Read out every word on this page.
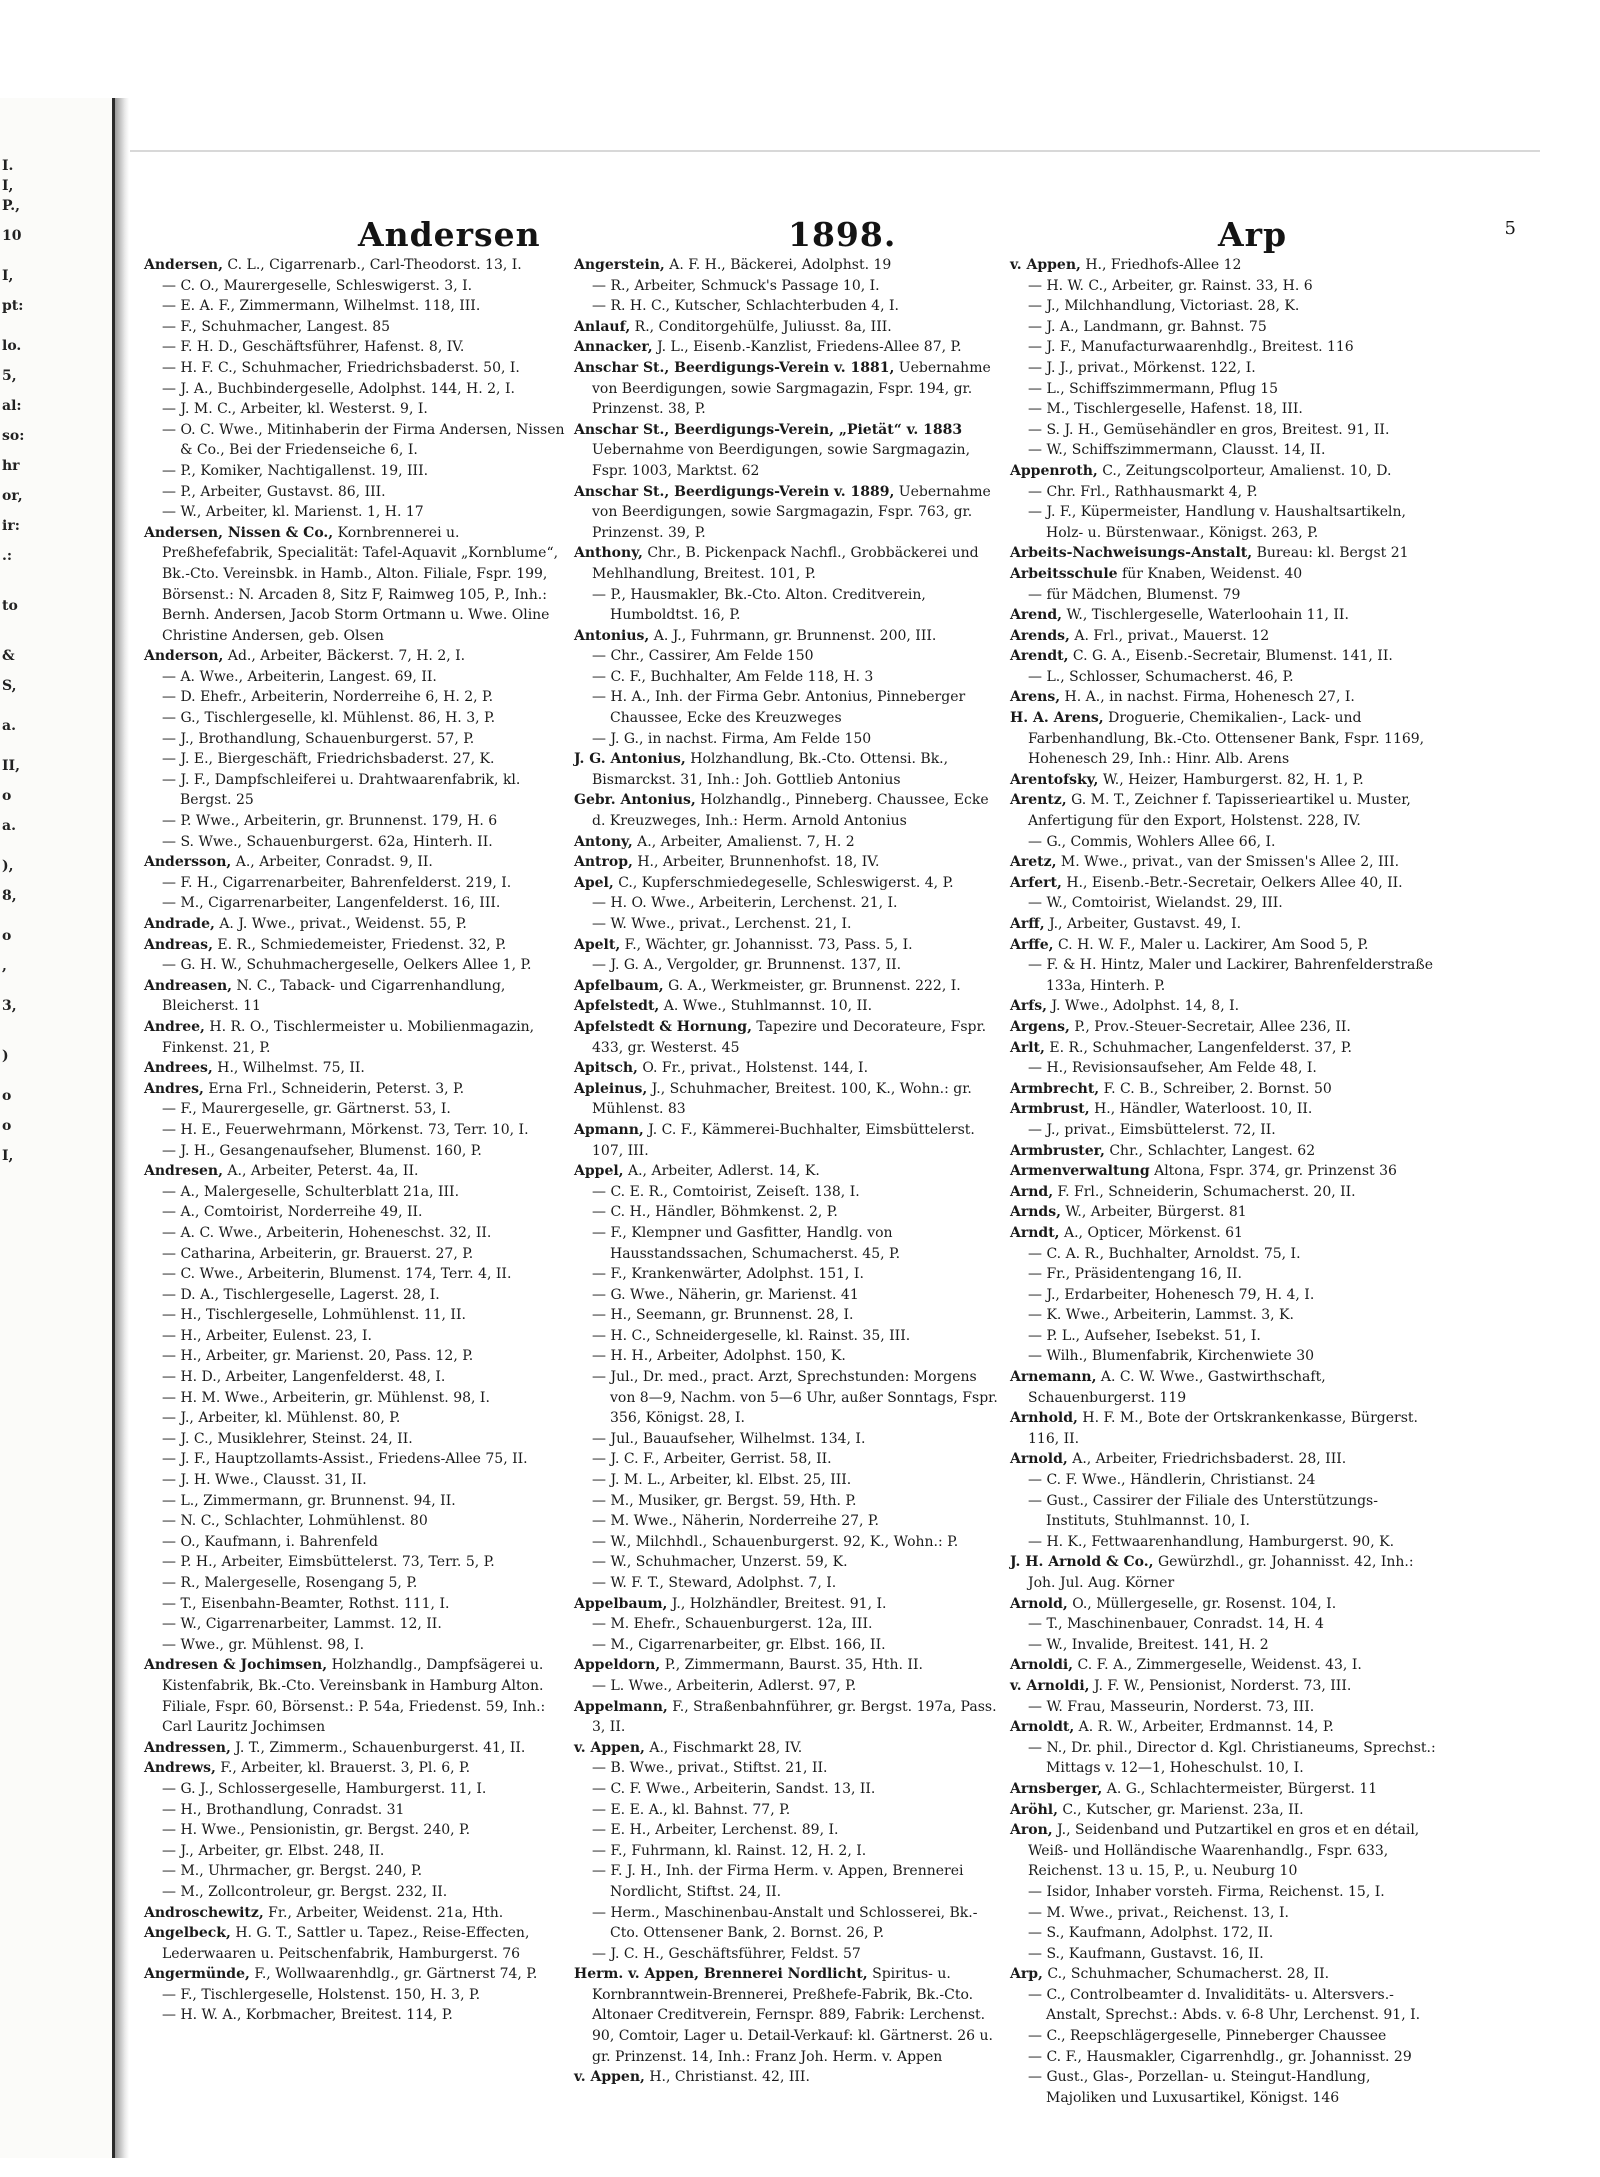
I.
I,
P.,
10
I,
pt:
lo.
5,
al:
so:
hr
or,
ir:
.:
to
&
S,
a.
II,
o
a.
),
8,
o
,
3,
)
o
o
I,
Andersen	1898.	Arp	5

Andersen, C. L., Cigarrenarb., Carl-Theodorst. 13, I.

— C. O., Maurergeselle, Schleswigerst. 3, I.

— E. A. F., Zimmermann, Wilhelmst. 118, III.

— F., Schuhmacher, Langest. 85

— F. H. D., Geschäftsführer, Hafenst. 8, IV.

— H. F. C., Schuhmacher, Friedrichsbaderst. 50, I.

— J. A., Buchbindergeselle, Adolphst. 144, H. 2, I.

— J. M. C., Arbeiter, kl. Westerst. 9, I.

— O. C. Wwe., Mitinhaberin der Firma Andersen, Nissen & Co., Bei der Friedenseiche 6, I.

— P., Komiker, Nachtigallenst. 19, III.

— P., Arbeiter, Gustavst. 86, III.

— W., Arbeiter, kl. Marienst. 1, H. 17

Andersen, Nissen & Co., Kornbrennerei u. Preßhefefabrik, Specialität: Tafel-Aquavit „Kornblume“, Bk.-Cto. Vereinsbk. in Hamb., Alton. Filiale, Fspr. 199, Börsenst.: N. Arcaden 8, Sitz F, Raimweg 105, P., Inh.: Bernh. Andersen, Jacob Storm Ortmann u. Wwe. Oline Christine Andersen, geb. Olsen

Anderson, Ad., Arbeiter, Bäckerst. 7, H. 2, I.

— A. Wwe., Arbeiterin, Langest. 69, II.

— D. Ehefr., Arbeiterin, Norderreihe 6, H. 2, P.

— G., Tischlergeselle, kl. Mühlenst. 86, H. 3, P.

— J., Brothandlung, Schauenburgerst. 57, P.

— J. E., Biergeschäft, Friedrichsbaderst. 27, K.

— J. F., Dampfschleiferei u. Drahtwaarenfabrik, kl. Bergst. 25

— P. Wwe., Arbeiterin, gr. Brunnenst. 179, H. 6

— S. Wwe., Schauenburgerst. 62a, Hinterh. II.

Andersson, A., Arbeiter, Conradst. 9, II.

— F. H., Cigarrenarbeiter, Bahrenfelderst. 219, I.

— M., Cigarrenarbeiter, Langenfelderst. 16, III.

Andrade, A. J. Wwe., privat., Weidenst. 55, P.

Andreas, E. R., Schmiedemeister, Friedenst. 32, P.

— G. H. W., Schuhmachergeselle, Oelkers Allee 1, P.

Andreasen, N. C., Taback- und Cigarrenhandlung, Bleicherst. 11

Andree, H. R. O., Tischlermeister u. Mobilienmagazin, Finkenst. 21, P.

Andrees, H., Wilhelmst. 75, II.

Andres, Erna Frl., Schneiderin, Peterst. 3, P.

— F., Maurergeselle, gr. Gärtnerst. 53, I.

— H. E., Feuerwehrmann, Mörkenst. 73, Terr. 10, I.

— J. H., Gesangenaufseher, Blumenst. 160, P.

Andresen, A., Arbeiter, Peterst. 4a, II.

— A., Malergeselle, Schulterblatt 21a, III.

— A., Comtoirist, Norderreihe 49, II.

— A. C. Wwe., Arbeiterin, Hoheneschst. 32, II.

— Catharina, Arbeiterin, gr. Brauerst. 27, P.

— C. Wwe., Arbeiterin, Blumenst. 174, Terr. 4, II.

— D. A., Tischlergeselle, Lagerst. 28, I.

— H., Tischlergeselle, Lohmühlenst. 11, II.

— H., Arbeiter, Eulenst. 23, I.

— H., Arbeiter, gr. Marienst. 20, Pass. 12, P.

— H. D., Arbeiter, Langenfelderst. 48, I.

— H. M. Wwe., Arbeiterin, gr. Mühlenst. 98, I.

— J., Arbeiter, kl. Mühlenst. 80, P.

— J. C., Musiklehrer, Steinst. 24, II.

— J. F., Hauptzollamts-Assist., Friedens-Allee 75, II.

— J. H. Wwe., Clausst. 31, II.

— L., Zimmermann, gr. Brunnenst. 94, II.

— N. C., Schlachter, Lohmühlenst. 80

— O., Kaufmann, i. Bahrenfeld

— P. H., Arbeiter, Eimsbüttelerst. 73, Terr. 5, P.

— R., Malergeselle, Rosengang 5, P.

— T., Eisenbahn-Beamter, Rothst. 111, I.

— W., Cigarrenarbeiter, Lammst. 12, II.

— Wwe., gr. Mühlenst. 98, I.

Andresen & Jochimsen, Holzhandlg., Dampfsägerei u. Kistenfabrik, Bk.-Cto. Vereinsbank in Hamburg Alton. Filiale, Fspr. 60, Börsenst.: P. 54a, Friedenst. 59, Inh.: Carl Lauritz Jochimsen

Andressen, J. T., Zimmerm., Schauenburgerst. 41, II.

Andrews, F., Arbeiter, kl. Brauerst. 3, Pl. 6, P.

— G. J., Schlossergeselle, Hamburgerst. 11, I.

— H., Brothandlung, Conradst. 31

— H. Wwe., Pensionistin, gr. Bergst. 240, P.

— J., Arbeiter, gr. Elbst. 248, II.

— M., Uhrmacher, gr. Bergst. 240, P.

— M., Zollcontroleur, gr. Bergst. 232, II.

Androschewitz, Fr., Arbeiter, Weidenst. 21a, Hth.

Angelbeck, H. G. T., Sattler u. Tapez., Reise-Effecten, Lederwaaren u. Peitschenfabrik, Hamburgerst. 76

Angermünde, F., Wollwaarenhdlg., gr. Gärtnerst 74, P.

— F., Tischlergeselle, Holstenst. 150, H. 3, P.

— H. W. A., Korbmacher, Breitest. 114, P.

Angerstein, A. F. H., Bäckerei, Adolphst. 19

— R., Arbeiter, Schmuck's Passage 10, I.

— R. H. C., Kutscher, Schlachterbuden 4, I.

Anlauf, R., Conditorgehülfe, Juliusst. 8a, III.

Annacker, J. L., Eisenb.-Kanzlist, Friedens-Allee 87, P.

Anschar St., Beerdigungs-Verein v. 1881, Uebernahme von Beerdigungen, sowie Sargmagazin, Fspr. 194, gr. Prinzenst. 38, P.

Anschar St., Beerdigungs-Verein, „Pietät“ v. 1883 Uebernahme von Beerdigungen, sowie Sargmagazin, Fspr. 1003, Marktst. 62

Anschar St., Beerdigungs-Verein v. 1889, Uebernahme von Beerdigungen, sowie Sargmagazin, Fspr. 763, gr. Prinzenst. 39, P.

Anthony, Chr., B. Pickenpack Nachfl., Grobbäckerei und Mehlhandlung, Breitest. 101, P.

— P., Hausmakler, Bk.-Cto. Alton. Creditverein, Humboldtst. 16, P.

Antonius, A. J., Fuhrmann, gr. Brunnenst. 200, III.

— Chr., Cassirer, Am Felde 150

— C. F., Buchhalter, Am Felde 118, H. 3

— H. A., Inh. der Firma Gebr. Antonius, Pinneberger Chaussee, Ecke des Kreuzweges

— J. G., in nachst. Firma, Am Felde 150

J. G. Antonius, Holzhandlung, Bk.-Cto. Ottensi. Bk., Bismarckst. 31, Inh.: Joh. Gottlieb Antonius

Gebr. Antonius, Holzhandlg., Pinneberg. Chaussee, Ecke d. Kreuzweges, Inh.: Herm. Arnold Antonius

Antony, A., Arbeiter, Amalienst. 7, H. 2

Antrop, H., Arbeiter, Brunnenhofst. 18, IV.

Apel, C., Kupferschmiedegeselle, Schleswigerst. 4, P.

— H. O. Wwe., Arbeiterin, Lerchenst. 21, I.

— W. Wwe., privat., Lerchenst. 21, I.

Apelt, F., Wächter, gr. Johannisst. 73, Pass. 5, I.

— J. G. A., Vergolder, gr. Brunnenst. 137, II.

Apfelbaum, G. A., Werkmeister, gr. Brunnenst. 222, I.

Apfelstedt, A. Wwe., Stuhlmannst. 10, II.

Apfelstedt & Hornung, Tapezire und Decorateure, Fspr. 433, gr. Westerst. 45

Apitsch, O. Fr., privat., Holstenst. 144, I.

Apleinus, J., Schuhmacher, Breitest. 100, K., Wohn.: gr. Mühlenst. 83

Apmann, J. C. F., Kämmerei-Buchhalter, Eimsbüttelerst. 107, III.

Appel, A., Arbeiter, Adlerst. 14, K.

— C. E. R., Comtoirist, Zeiseſt. 138, I.

— C. H., Händler, Böhmkenst. 2, P.

— F., Klempner und Gasfitter, Handlg. von Hausstandssachen, Schumacherst. 45, P.

— F., Krankenwärter, Adolphst. 151, I.

— G. Wwe., Näherin, gr. Marienst. 41

— H., Seemann, gr. Brunnenst. 28, I.

— H. C., Schneidergeselle, kl. Rainst. 35, III.

— H. H., Arbeiter, Adolphst. 150, K.

— Jul., Dr. med., pract. Arzt, Sprechstunden: Morgens von 8—9, Nachm. von 5—6 Uhr, außer Sonntags, Fspr. 356, Königst. 28, I.

— Jul., Bauaufseher, Wilhelmst. 134, I.

— J. C. F., Arbeiter, Gerrist. 58, II.

— J. M. L., Arbeiter, kl. Elbst. 25, III.

— M., Musiker, gr. Bergst. 59, Hth. P.

— M. Wwe., Näherin, Norderreihe 27, P.

— W., Milchhdl., Schauenburgerst. 92, K., Wohn.: P.

— W., Schuhmacher, Unzerst. 59, K.

— W. F. T., Steward, Adolphst. 7, I.

Appelbaum, J., Holzhändler, Breitest. 91, I.

— M. Ehefr., Schauenburgerst. 12a, III.

— M., Cigarrenarbeiter, gr. Elbst. 166, II.

Appeldorn, P., Zimmermann, Baurst. 35, Hth. II.

— L. Wwe., Arbeiterin, Adlerst. 97, P.

Appelmann, F., Straßenbahnführer, gr. Bergst. 197a, Pass. 3, II.

v. Appen, A., Fischmarkt 28, IV.

— B. Wwe., privat., Stiftst. 21, II.

— C. F. Wwe., Arbeiterin, Sandst. 13, II.

— E. E. A., kl. Bahnst. 77, P.

— E. H., Arbeiter, Lerchenst. 89, I.

— F., Fuhrmann, kl. Rainst. 12, H. 2, I.

— F. J. H., Inh. der Firma Herm. v. Appen, Brennerei Nordlicht, Stiftst. 24, II.

— Herm., Maschinenbau-Anstalt und Schlosserei, Bk.-Cto. Ottensener Bank, 2. Bornst. 26, P.

— J. C. H., Geschäftsführer, Feldst. 57

Herm. v. Appen, Brennerei Nordlicht, Spiritus- u. Kornbranntwein-Brennerei, Preßhefe-Fabrik, Bk.-Cto. Altonaer Creditverein, Fernspr. 889, Fabrik: Lerchenst. 90, Comtoir, Lager u. Detail-Verkauf: kl. Gärtnerst. 26 u. gr. Prinzenst. 14, Inh.: Franz Joh. Herm. v. Appen

v. Appen, H., Christianst. 42, III.

v. Appen, H., Friedhofs-Allee 12

— H. W. C., Arbeiter, gr. Rainst. 33, H. 6

— J., Milchhandlung, Victoriast. 28, K.

— J. A., Landmann, gr. Bahnst. 75

— J. F., Manufacturwaarenhdlg., Breitest. 116

— J. J., privat., Mörkenst. 122, I.

— L., Schiffszimmermann, Pflug 15

— M., Tischlergeselle, Hafenst. 18, III.

— S. J. H., Gemüsehändler en gros, Breitest. 91, II.

— W., Schiffszimmermann, Clausst. 14, II.

Appenroth, C., Zeitungscolporteur, Amalienst. 10, D.

— Chr. Frl., Rathhausmarkt 4, P.

— J. F., Küpermeister, Handlung v. Haushaltsartikeln, Holz- u. Bürstenwaar., Königst. 263, P.

Arbeits-Nachweisungs-Anstalt, Bureau: kl. Bergst 21

Arbeitsschule für Knaben, Weidenst. 40

— für Mädchen, Blumenst. 79

Arend, W., Tischlergeselle, Waterloohain 11, II.

Arends, A. Frl., privat., Mauerst. 12

Arendt, C. G. A., Eisenb.-Secretair, Blumenst. 141, II.

— L., Schlosser, Schumacherst. 46, P.

Arens, H. A., in nachst. Firma, Hohenesch 27, I.

H. A. Arens, Droguerie, Chemikalien-, Lack- und Farbenhandlung, Bk.-Cto. Ottensener Bank, Fspr. 1169, Hohenesch 29, Inh.: Hinr. Alb. Arens

Arentofsky, W., Heizer, Hamburgerst. 82, H. 1, P.

Arentz, G. M. T., Zeichner f. Tapisserieartikel u. Muster, Anfertigung für den Export, Holstenst. 228, IV.

— G., Commis, Wohlers Allee 66, I.

Aretz, M. Wwe., privat., van der Smissen's Allee 2, III.

Arfert, H., Eisenb.-Betr.-Secretair, Oelkers Allee 40, II.

— W., Comtoirist, Wielandst. 29, III.

Arff, J., Arbeiter, Gustavst. 49, I.

Arffe, C. H. W. F., Maler u. Lackirer, Am Sood 5, P.

— F. & H. Hintz, Maler und Lackirer, Bahrenfelderstraße 133a, Hinterh. P.

Arfs, J. Wwe., Adolphst. 14, 8, I.

Argens, P., Prov.-Steuer-Secretair, Allee 236, II.

Arlt, E. R., Schuhmacher, Langenfelderst. 37, P.

— H., Revisionsaufseher, Am Felde 48, I.

Armbrecht, F. C. B., Schreiber, 2. Bornst. 50

Armbrust, H., Händler, Waterloost. 10, II.

— J., privat., Eimsbüttelerst. 72, II.

Armbruster, Chr., Schlachter, Langest. 62

Armenverwaltung Altona, Fspr. 374, gr. Prinzenst 36

Arnd, F. Frl., Schneiderin, Schumacherst. 20, II.

Arnds, W., Arbeiter, Bürgerst. 81

Arndt, A., Opticer, Mörkenst. 61

— C. A. R., Buchhalter, Arnoldst. 75, I.

— Fr., Präsidentengang 16, II.

— J., Erdarbeiter, Hohenesch 79, H. 4, I.

— K. Wwe., Arbeiterin, Lammst. 3, K.

— P. L., Aufseher, Isebekst. 51, I.

— Wilh., Blumenfabrik, Kirchenwiete 30

Arnemann, A. C. W. Wwe., Gastwirthschaft, Schauenburgerst. 119

Arnhold, H. F. M., Bote der Ortskrankenkasse, Bürgerst. 116, II.

Arnold, A., Arbeiter, Friedrichsbaderst. 28, III.

— C. F. Wwe., Händlerin, Christianst. 24

— Gust., Cassirer der Filiale des Unterstützungs-Instituts, Stuhlmannst. 10, I.

— H. K., Fettwaarenhandlung, Hamburgerst. 90, K.

J. H. Arnold & Co., Gewürzhdl., gr. Johannisst. 42, Inh.: Joh. Jul. Aug. Körner

Arnold, O., Müllergeselle, gr. Rosenst. 104, I.

— T., Maschinenbauer, Conradst. 14, H. 4

— W., Invalide, Breitest. 141, H. 2

Arnoldi, C. F. A., Zimmergeselle, Weidenst. 43, I.

v. Arnoldi, J. F. W., Pensionist, Norderst. 73, III.

— W. Frau, Masseurin, Norderst. 73, III.

Arnoldt, A. R. W., Arbeiter, Erdmannst. 14, P.

— N., Dr. phil., Director d. Kgl. Christianeums, Sprechst.: Mittags v. 12—1, Hoheschulst. 10, I.

Arnsberger, A. G., Schlachtermeister, Bürgerst. 11

Aröhl, C., Kutscher, gr. Marienst. 23a, II.

Aron, J., Seidenband und Putzartikel en gros et en détail, Weiß- und Holländische Waarenhandlg., Fspr. 633, Reichenst. 13 u. 15, P., u. Neuburg 10

— Isidor, Inhaber vorsteh. Firma, Reichenst. 15, I.

— M. Wwe., privat., Reichenst. 13, I.

— S., Kaufmann, Adolphst. 172, II.

— S., Kaufmann, Gustavst. 16, II.

Arp, C., Schuhmacher, Schumacherst. 28, II.

— C., Controlbeamter d. Invaliditäts- u. Altersvers.-Anstalt, Sprechst.: Abds. v. 6-8 Uhr, Lerchenst. 91, I.

— C., Reepschlägergeselle, Pinneberger Chaussee

— C. F., Hausmakler, Cigarrenhdlg., gr. Johannisst. 29

— Gust., Glas-, Porzellan- u. Steingut-Handlung, Majoliken und Luxusartikel, Königst. 146
